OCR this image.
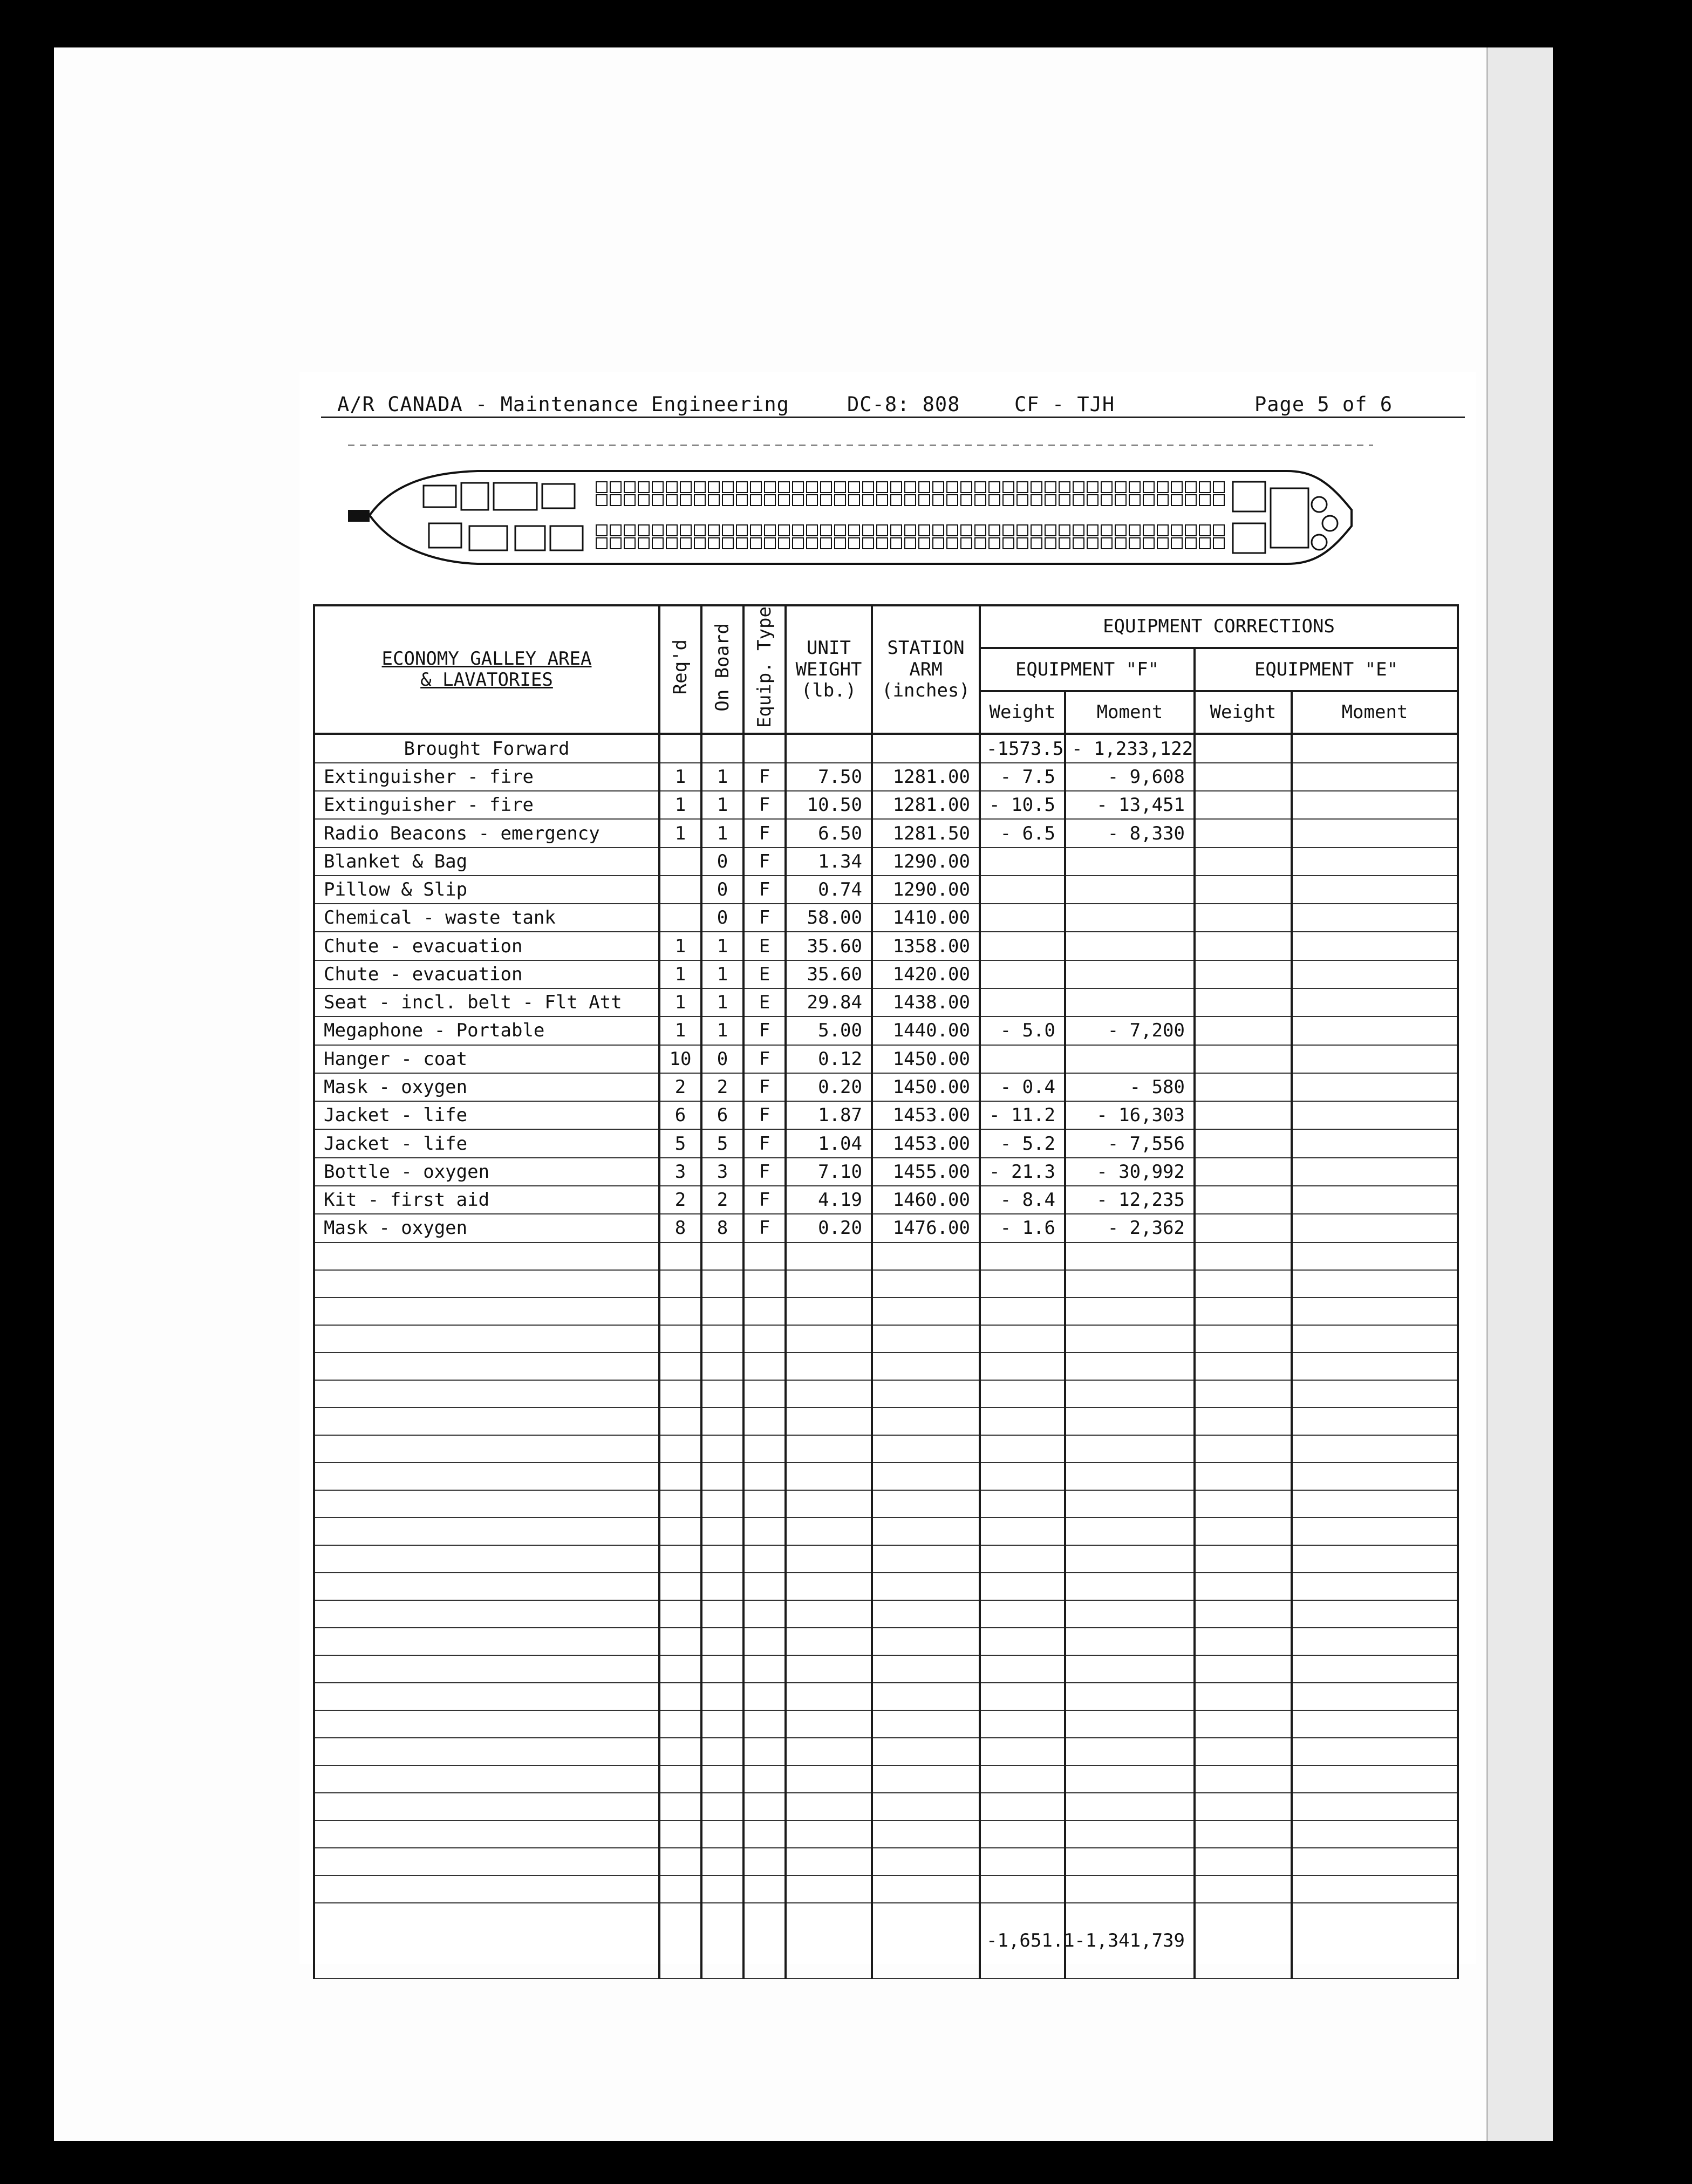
A/R CANADA - Maintenance Engineering	DC-8: 808	CF - TJH	Page 5 of 6
ECONOMY GALLEY AREA
& LAVATORIES	Req'd	On Board	Equip. Type	UNIT WEIGHT (lb.)	STATION ARM (inches)	EQUIPMENT CORRECTIONS			
						EQUIPMENT "F"		EQUIPMENT "E"	
						Weight	Moment	Weight	Moment
Brought Forward						-1573.5	- 1,233,122		
Extinguisher - fire	1	1	F	7.50	1281.00	- 7.5	- 9,608		
Extinguisher - fire	1	1	F	10.50	1281.00	- 10.5	- 13,451		
Radio Beacons - emergency	1	1	F	6.50	1281.50	- 6.5	- 8,330		
Blanket & Bag		0	F	1.34	1290.00				
Pillow & Slip		0	F	0.74	1290.00				
Chemical - waste tank		0	F	58.00	1410.00				
Chute - evacuation	1	1	E	35.60	1358.00				
Chute - evacuation	1	1	E	35.60	1420.00				
Seat - incl. belt - Flt Att	1	1	E	29.84	1438.00				
Megaphone - Portable	1	1	F	5.00	1440.00	- 5.0	- 7,200		
Hanger - coat	10	0	F	0.12	1450.00				
Mask - oxygen	2	2	F	0.20	1450.00	- 0.4	- 580		
Jacket - life	6	6	F	1.87	1453.00	- 11.2	- 16,303		
Jacket - life	5	5	F	1.04	1453.00	- 5.2	- 7,556		
Bottle - oxygen	3	3	F	7.10	1455.00	- 21.3	- 30,992		
Kit - first aid	2	2	F	4.19	1460.00	- 8.4	- 12,235		
Mask - oxygen	8	8	F	0.20	1476.00	- 1.6	- 2,362		

						-1,651.1	-1,341,739		
